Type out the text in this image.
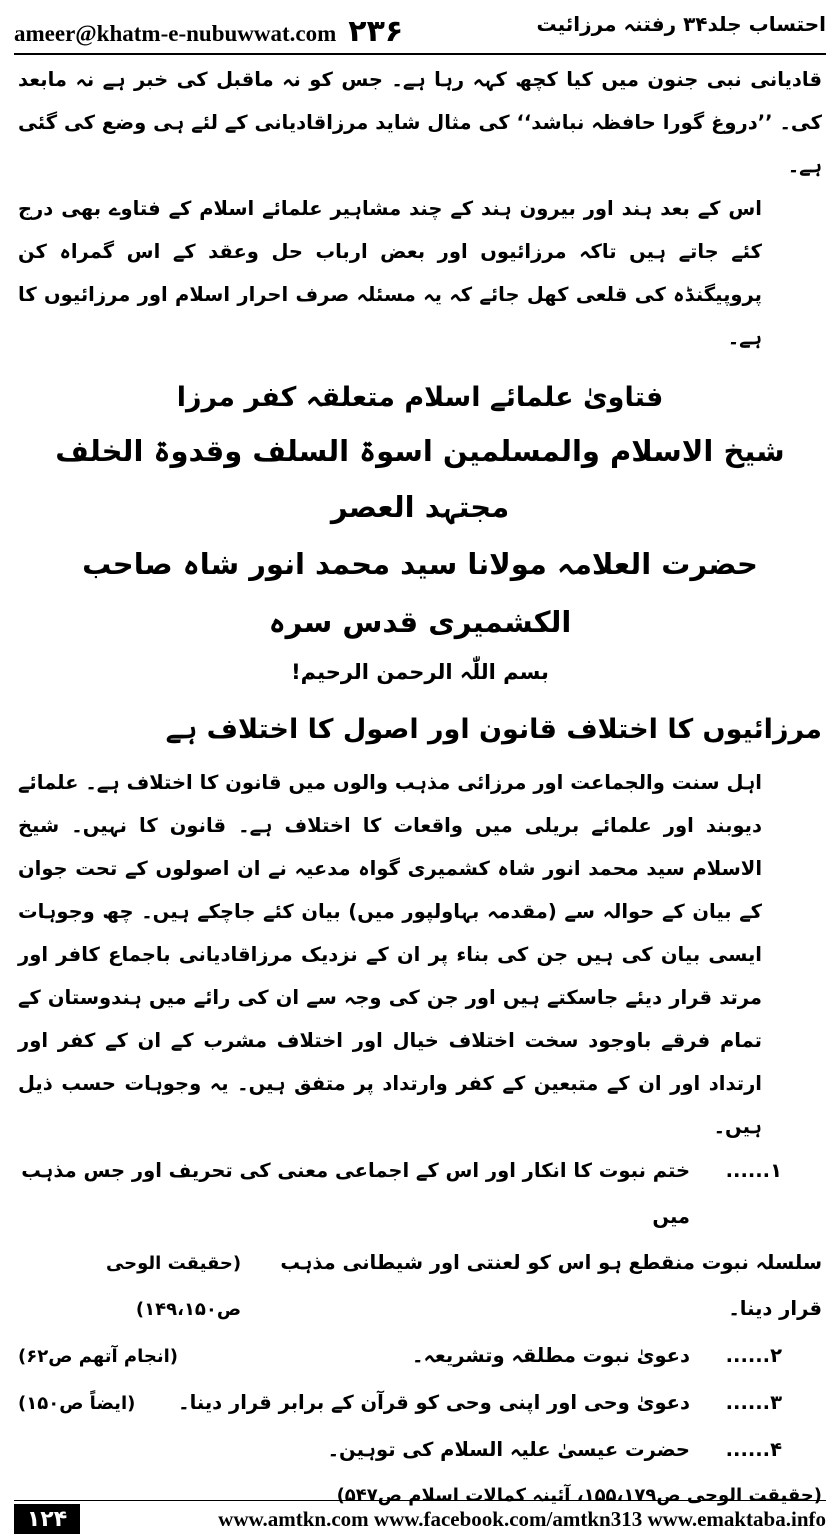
ameer@khatm-e-nubuwwat.com ۲۳۶	احتساب جلد۳۴ رفتنہ مرزائیت

قادیانی نبی جنون میں کیا کچھ کہہ رہا ہے۔ جس کو نہ ماقبل کی خبر ہے نہ مابعد کی۔ ’’دروغ گورا حافظہ نباشد‘‘ کی مثال شاید مرزاقادیانی کے لئے ہی وضع کی گئی ہے۔

اس کے بعد ہند اور بیرون ہند کے چند مشاہیر علمائے اسلام کے فتاوے بھی درج کئے جاتے ہیں تاکہ مرزائیوں اور بعض ارباب حل وعقد کے اس گمراہ کن پروپیگنڈہ کی قلعی کھل جائے کہ یہ مسئلہ صرف احرار اسلام اور مرزائیوں کا ہے۔

فتاویٰ علمائے اسلام متعلقہ کفر مرزا

شیخ الاسلام والمسلمین اسوۃ السلف وقدوۃ الخلف مجتہد العصر

حضرت العلامہ مولانا سید محمد انور شاہ صاحب الکشمیری قدس سرہ

بسم اللّٰہ الرحمن الرحیم!

مرزائیوں کا اختلاف قانون اور اصول کا اختلاف ہے

اہل سنت والجماعت اور مرزائی مذہب والوں میں قانون کا اختلاف ہے۔ علمائے دیوبند اور علمائے بریلی میں واقعات کا اختلاف ہے۔ قانون کا نہیں۔ شیخ الاسلام سید محمد انور شاہ کشمیری گواہ مدعیہ نے ان اصولوں کے تحت جوان کے بیان کے حوالہ سے (مقدمہ بہاولپور میں) بیان کئے جاچکے ہیں۔ چھ وجوہات ایسی بیان کی ہیں جن کی بناء پر ان کے نزدیک مرزاقادیانی باجماع کافر اور مرتد قرار دیئے جاسکتے ہیں اور جن کی وجہ سے ان کی رائے میں ہندوستان کے تمام فرقے باوجود سخت اختلاف خیال اور اختلاف مشرب کے ان کے کفر اور ارتداد اور ان کے متبعین کے کفر وارتداد پر متفق ہیں۔ یہ وجوہات حسب ذیل ہیں۔

۱......
ختم نبوت کا انکار اور اس کے اجماعی معنی کی تحریف اور جس مذہب میں
سلسلہ نبوت منقطع ہو اس کو لعنتی اور شیطانی مذہب قرار دینا۔
(حقیقت الوحی ص۱۴۹،۱۵۰)
۲......
دعویٰ نبوت مطلقہ وتشریعہ۔
(انجام آتھم ص۶۲)
۳......
دعویٰ وحی اور اپنی وحی کو قرآن کے برابر قرار دینا۔
(ایضاً ص۱۵۰)
۴......
حضرت عیسیٰ علیہ السلام کی توہین۔
(حقیقت الوحی ص۱۵۵،۱۷۹، آئینہ کمالات اسلام ص۵۴۷)
۱۲۴	www.amtkn.com www.facebook.com/amtkn313 www.emaktaba.info
